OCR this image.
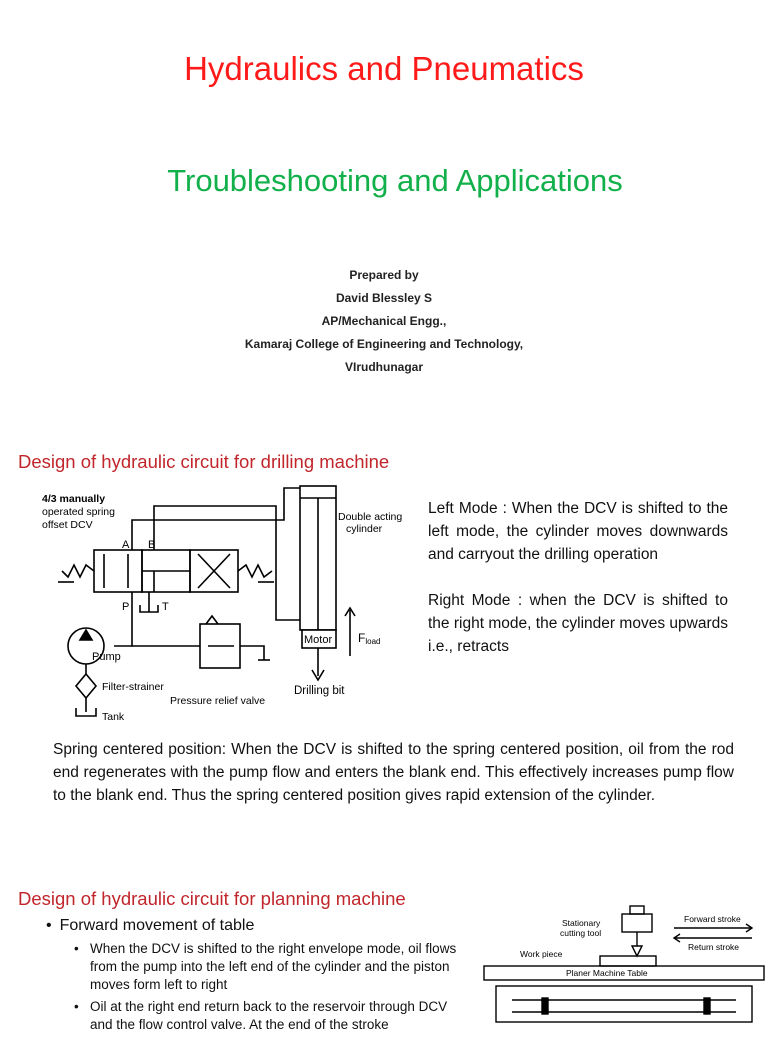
Hydraulics and Pneumatics
Troubleshooting and Applications
Prepared by
David Blessley S
AP/Mechanical Engg.,
Kamaraj College of Engineering and Technology,
VIrudhunagar
Design of hydraulic circuit for drilling machine
4/3 manually
operated spring
offset DCV
A B
P	T
Double acting
cylinder
Motor Fload
Pump
Filter-strainer
Pressure relief valve
Tank
Drilling bit

Left Mode : When the DCV is shifted to the left mode, the cylinder moves downwards and carryout the drilling operation

Right Mode : when the DCV is shifted to the right mode, the cylinder moves upwards i.e., retracts

Spring centered position: When the DCV is shifted to the spring centered position, oil from the rod end regenerates with the pump flow and enters the blank end. This effectively increases pump flow to the blank end. Thus the spring centered position gives rapid extension of the cylinder.
Design of hydraulic circuit for planning machine
• Forward movement of table
• When the DCV is shifted to the right envelope mode, oil flows from the pump into the left end of the cylinder and the piston moves form left to right
• Oil at the right end return back to the reservoir through DCV and the flow control valve. At the end of the stroke
Stationary
cutting tool
Forward stroke
Return stroke
Work piece
Planer Machine Table
